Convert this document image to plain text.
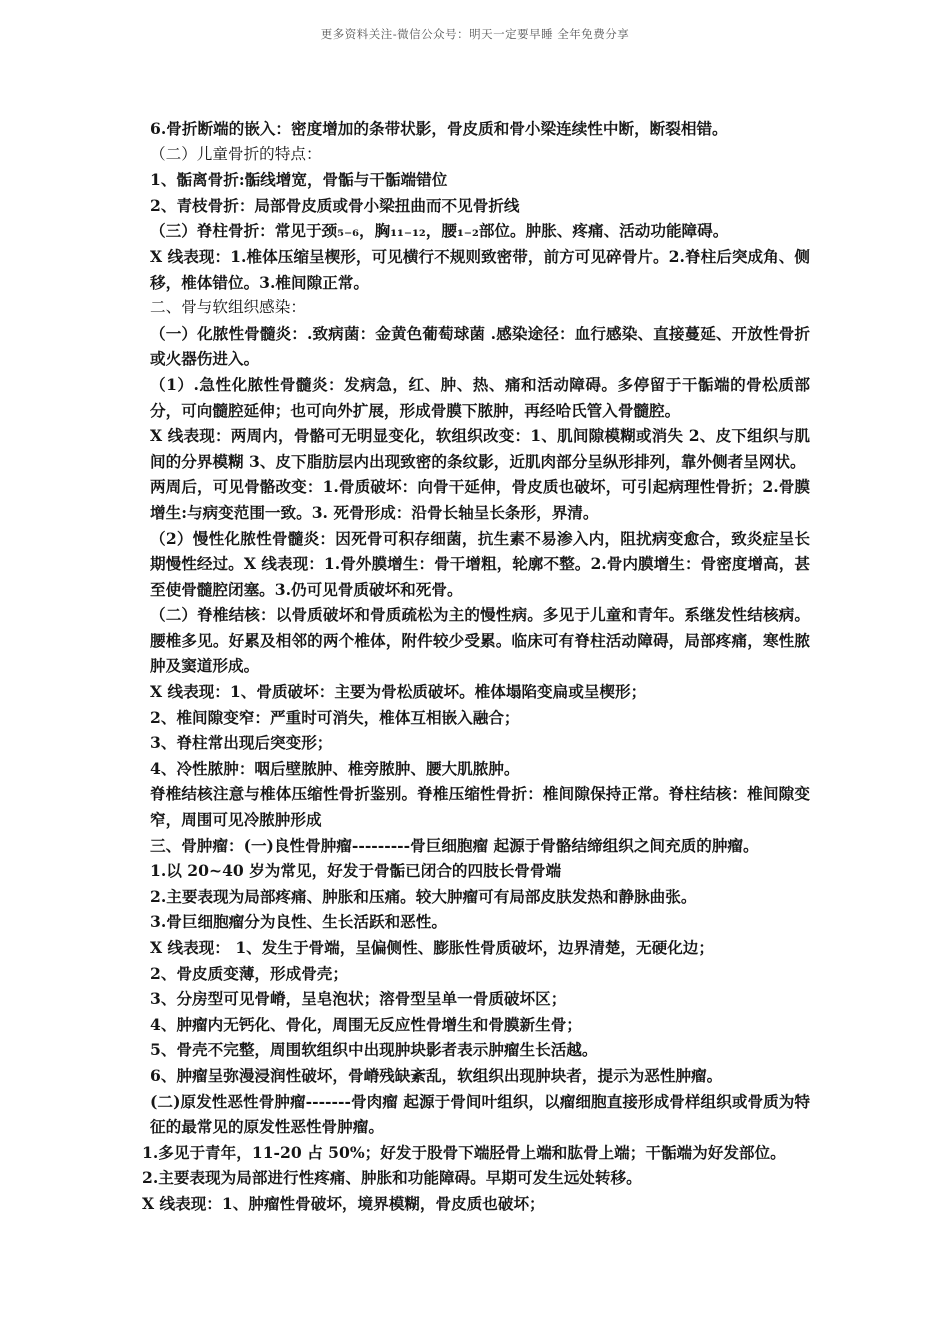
更多资料关注-微信公众号：明天一定要早睡 全年免费分享

6.骨折断端的嵌入：密度增加的条带状影，骨皮质和骨小梁连续性中断，断裂相错。

（二）儿童骨折的特点：

1、骺离骨折:骺线增宽，骨骺与干骺端错位

2、青枝骨折：局部骨皮质或骨小梁扭曲而不见骨折线

（三）脊柱骨折：常见于颈₅₋₆，胸₁₁₋₁₂，腰₁₋₂部位。肿胀、疼痛、活动功能障碍。

X 线表现：1.椎体压缩呈楔形，可见横行不规则致密带，前方可见碎骨片。2.脊柱后突成角、侧移，椎体错位。3.椎间隙正常。

二、骨与软组织感染：

（一）化脓性骨髓炎：.致病菌：金黄色葡萄球菌 .感染途径：血行感染、直接蔓延、开放性骨折或火器伤进入。

（1）.急性化脓性骨髓炎：发病急，红、肿、热、痛和活动障碍。多停留于干骺端的骨松质部分，可向髓腔延伸；也可向外扩展，形成骨膜下脓肿，再经哈氏管入骨髓腔。

X 线表现：两周内，骨骼可无明显变化，软组织改变：1、肌间隙模糊或消失 2、皮下组织与肌间的分界模糊 3、皮下脂肪层内出现致密的条纹影，近肌肉部分呈纵形排列，靠外侧者呈网状。

两周后，可见骨骼改变：1.骨质破坏：向骨干延伸，骨皮质也破坏，可引起病理性骨折；2.骨膜增生:与病变范围一致。3. 死骨形成：沿骨长轴呈长条形，界清。

（2）慢性化脓性骨髓炎：因死骨可积存细菌，抗生素不易渗入内，阻扰病变愈合，致炎症呈长期慢性经过。X 线表现：1.骨外膜增生：骨干增粗，轮廓不整。2.骨内膜增生：骨密度增高，甚至使骨髓腔闭塞。3.仍可见骨质破坏和死骨。

（二）脊椎结核：以骨质破坏和骨质疏松为主的慢性病。多见于儿童和青年。系继发性结核病。腰椎多见。好累及相邻的两个椎体，附件较少受累。临床可有脊柱活动障碍，局部疼痛，寒性脓肿及窦道形成。

X 线表现：1、骨质破坏：主要为骨松质破坏。椎体塌陷变扁或呈楔形；

2、椎间隙变窄：严重时可消失，椎体互相嵌入融合；

3、脊柱常出现后突变形；

4、冷性脓肿：咽后壁脓肿、椎旁脓肿、腰大肌脓肿。

脊椎结核注意与椎体压缩性骨折鉴别。脊椎压缩性骨折：椎间隙保持正常。脊柱结核：椎间隙变窄，周围可见冷脓肿形成

三、骨肿瘤：(一)良性骨肿瘤---------骨巨细胞瘤 起源于骨骼结缔组织之间充质的肿瘤。

1.以 20~40 岁为常见，好发于骨骺已闭合的四肢长骨骨端

2.主要表现为局部疼痛、肿胀和压痛。较大肿瘤可有局部皮肤发热和静脉曲张。

3.骨巨细胞瘤分为良性、生长活跃和恶性。

X 线表现： 1、发生于骨端，呈偏侧性、膨胀性骨质破坏，边界清楚，无硬化边；

2、骨皮质变薄，形成骨壳；

3、分房型可见骨嵴，呈皂泡状；溶骨型呈单一骨质破坏区；

4、肿瘤内无钙化、骨化，周围无反应性骨增生和骨膜新生骨；

5、骨壳不完整，周围软组织中出现肿块影者表示肿瘤生长活越。

6、肿瘤呈弥漫浸润性破坏，骨嵴残缺紊乱，软组织出现肿块者，提示为恶性肿瘤。

(二)原发性恶性骨肿瘤-------骨肉瘤 起源于骨间叶组织，以瘤细胞直接形成骨样组织或骨质为特征的最常见的原发性恶性骨肿瘤。

1.多见于青年，11-20 占 50%；好发于股骨下端胫骨上端和肱骨上端；干骺端为好发部位。

2.主要表现为局部进行性疼痛、肿胀和功能障碍。早期可发生远处转移。

X 线表现：1、肿瘤性骨破坏，境界模糊，骨皮质也破坏；
